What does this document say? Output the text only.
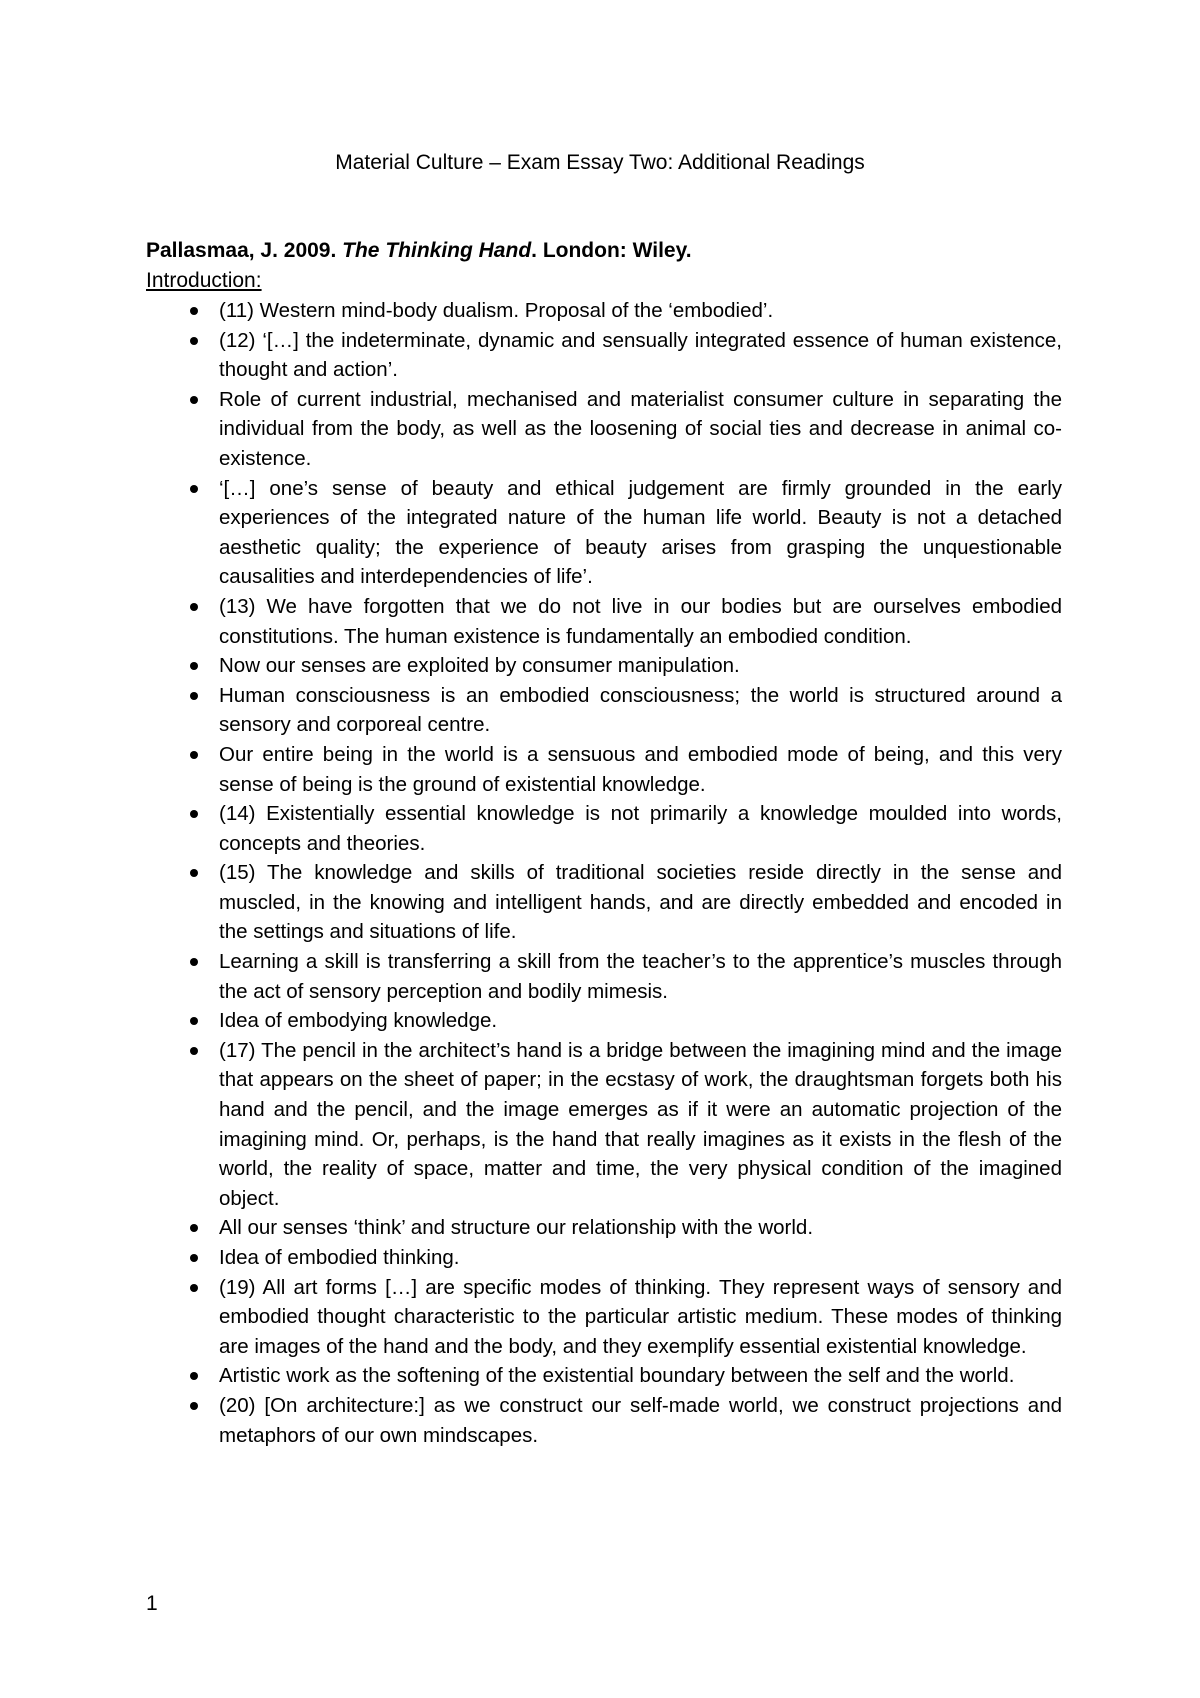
Material Culture – Exam Essay Two: Additional Readings
Pallasmaa, J. 2009. The Thinking Hand. London: Wiley.
Introduction:
(11) Western mind-body dualism. Proposal of the ‘embodied’.
(12) ‘[…] the indeterminate, dynamic and sensually integrated essence of human existence, thought and action’.
Role of current industrial, mechanised and materialist consumer culture in separating the individual from the body, as well as the loosening of social ties and decrease in animal co-existence.
‘[…] one’s sense of beauty and ethical judgement are firmly grounded in the early experiences of the integrated nature of the human life world. Beauty is not a detached aesthetic quality; the experience of beauty arises from grasping the unquestionable causalities and interdependencies of life’.
(13) We have forgotten that we do not live in our bodies but are ourselves embodied constitutions. The human existence is fundamentally an embodied condition.
Now our senses are exploited by consumer manipulation.
Human consciousness is an embodied consciousness; the world is structured around a sensory and corporeal centre.
Our entire being in the world is a sensuous and embodied mode of being, and this very sense of being is the ground of existential knowledge.
(14) Existentially essential knowledge is not primarily a knowledge moulded into words, concepts and theories.
(15) The knowledge and skills of traditional societies reside directly in the sense and muscled, in the knowing and intelligent hands, and are directly embedded and encoded in the settings and situations of life.
Learning a skill is transferring a skill from the teacher’s to the apprentice’s muscles through the act of sensory perception and bodily mimesis.
Idea of embodying knowledge.
(17) The pencil in the architect’s hand is a bridge between the imagining mind and the image that appears on the sheet of paper; in the ecstasy of work, the draughtsman forgets both his hand and the pencil, and the image emerges as if it were an automatic projection of the imagining mind. Or, perhaps, is the hand that really imagines as it exists in the flesh of the world, the reality of space, matter and time, the very physical condition of the imagined object.
All our senses ‘think’ and structure our relationship with the world.
Idea of embodied thinking.
(19) All art forms […] are specific modes of thinking. They represent ways of sensory and embodied thought characteristic to the particular artistic medium. These modes of thinking are images of the hand and the body, and they exemplify essential existential knowledge.
Artistic work as the softening of the existential boundary between the self and the world.
(20) [On architecture:] as we construct our self-made world, we construct projections and metaphors of our own mindscapes.
1
